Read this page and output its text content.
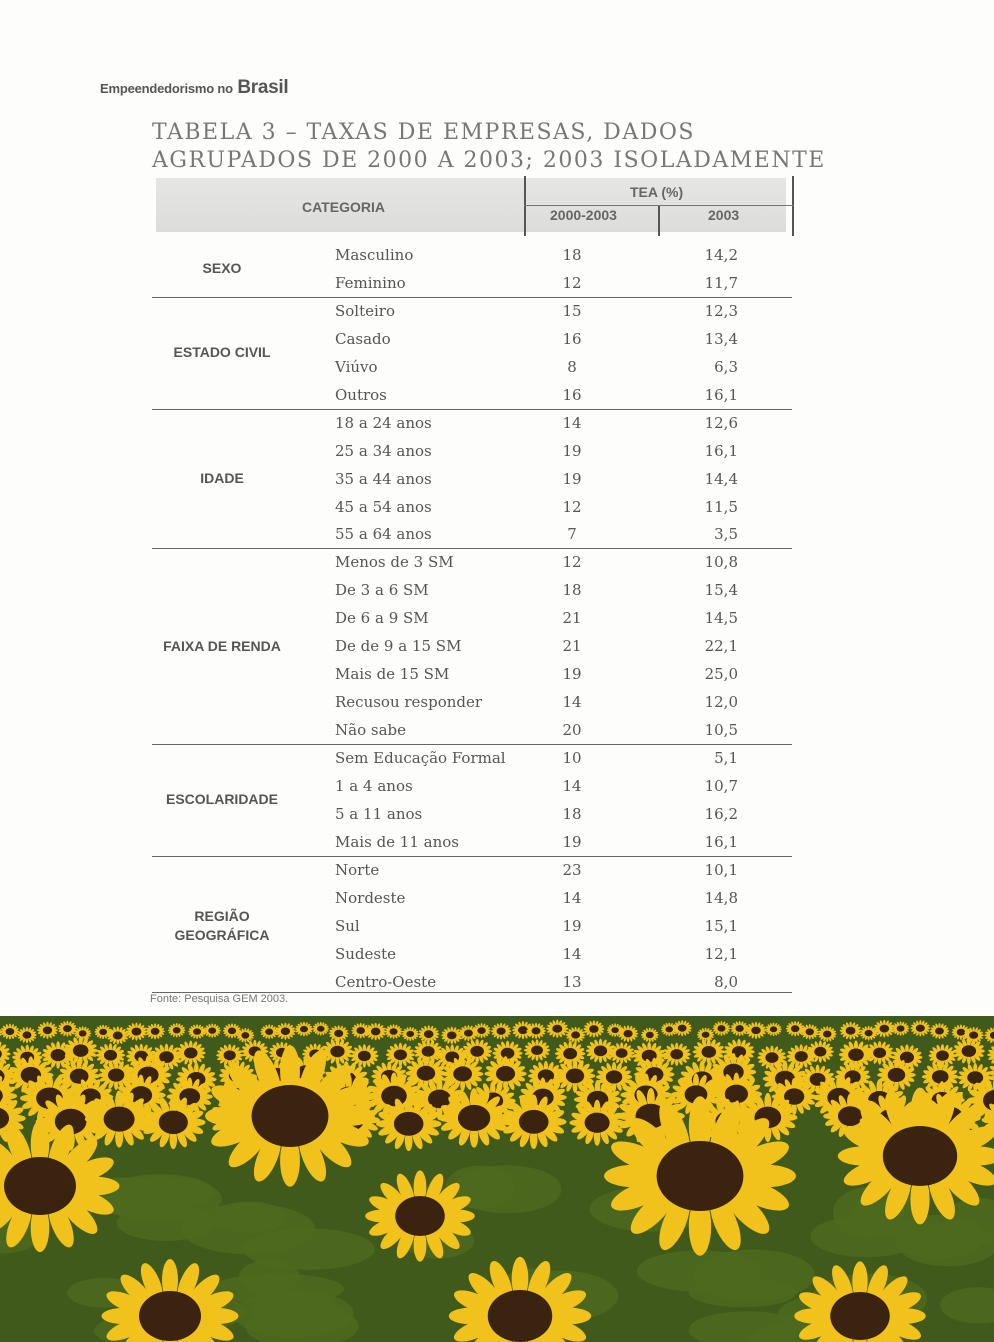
Empeendedorismo no Brasil
TABELA 3 – TAXAS DE EMPRESAS, DADOS
AGRUPADOS DE 2000 A 2003; 2003 ISOLADAMENTE
CATEGORIA
TEA (%)
2000-2003	2003
SEXO
Masculino	18	14,2
Feminino	12	11,7
ESTADO CIVIL
Solteiro	15	12,3
Casado	16	13,4
Viúvo	8	6,3
Outros	16	16,1
IDADE
18 a 24 anos	14	12,6
25 a 34 anos	19	16,1
35 a 44 anos	19	14,4
45 a 54 anos	12	11,5
55 a 64 anos	7	3,5
FAIXA DE RENDA
Menos de 3 SM	12	10,8
De 3 a 6 SM	18	15,4
De 6 a 9 SM	21	14,5
De de 9 a 15 SM	21	22,1
Mais de 15 SM	19	25,0
Recusou responder	14	12,0
Não sabe	20	10,5
ESCOLARIDADE
Sem Educação Formal	10	5,1
1 a 4 anos	14	10,7
5 a 11 anos	18	16,2
Mais de 11 anos	19	16,1
REGIÃO
GEOGRÁFICA
Norte	23	10,1
Nordeste	14	14,8
Sul	19	15,1
Sudeste	14	12,1
Centro-Oeste	13	8,0
Fonte: Pesquisa GEM 2003.
